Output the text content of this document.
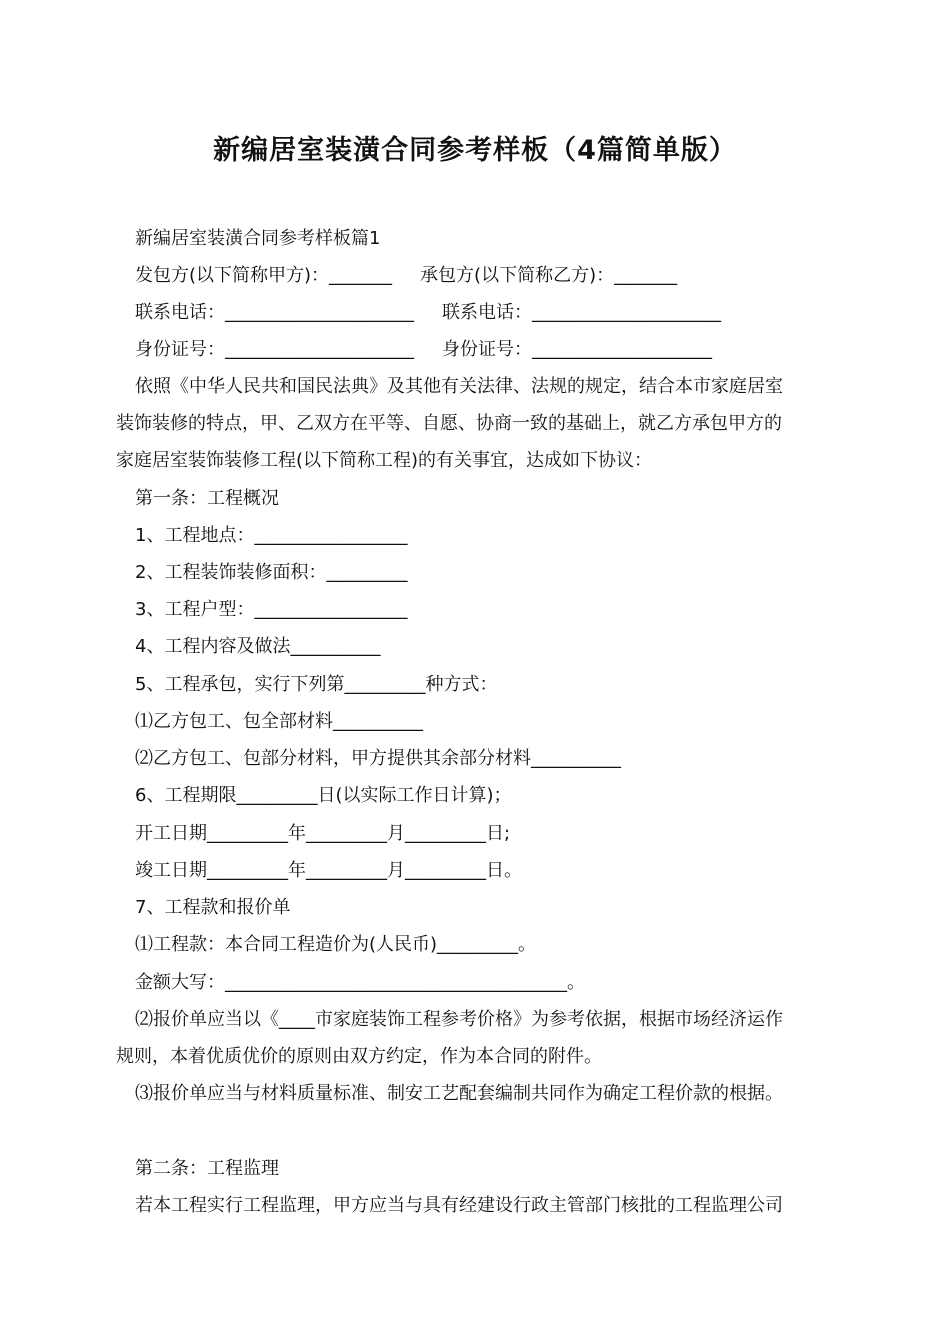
新编居室装潢合同参考样板（4篇简单版）
新编居室装潢合同参考样板篇1
发包方(以下简称甲方)：_______ 承包方(以下简称乙方)：_______
联系电话：_____________________ 联系电话：_____________________
身份证号：_____________________ 身份证号：____________________
依照《中华人民共和国民法典》及其他有关法律、法规的规定，结合本市家庭居室
装饰装修的特点，甲、乙双方在平等、自愿、协商一致的基础上，就乙方承包甲方的
家庭居室装饰装修工程(以下简称工程)的有关事宜，达成如下协议：
第一条：工程概况
1、工程地点：_________________
2、工程装饰装修面积：_________
3、工程户型：_________________
4、工程内容及做法__________
5、工程承包，实行下列第_________种方式：
⑴乙方包工、包全部材料__________
⑵乙方包工、包部分材料，甲方提供其余部分材料__________
6、工程期限_________日(以实际工作日计算)；
开工日期_________年_________月_________日;
竣工日期_________年_________月_________日。
7、工程款和报价单
⑴工程款：本合同工程造价为(人民币)_________。
金额大写：______________________________________。
⑵报价单应当以《____市家庭装饰工程参考价格》为参考依据，根据市场经济运作
规则，本着优质优价的原则由双方约定，作为本合同的附件。
⑶报价单应当与材料质量标准、制安工艺配套编制共同作为确定工程价款的根据。
第二条：工程监理
若本工程实行工程监理，甲方应当与具有经建设行政主管部门核批的工程监理公司
